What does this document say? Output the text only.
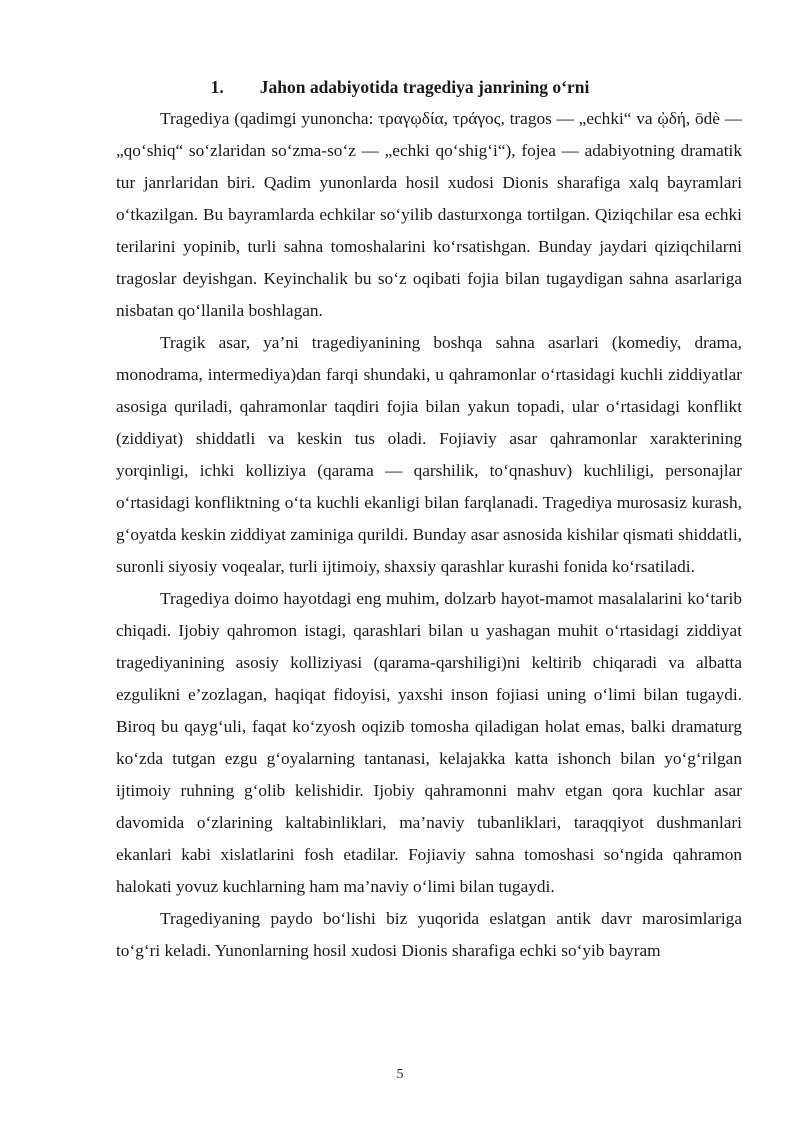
1. Jahon adabiyotida tragediya janrining o‘rni

Tragediya (qadimgi yunoncha: τραγῳδία, τράγος, tragos — „echki“ va ᾠδή, ōdè — „qo‘shiq“ so‘zlaridan so‘zma-so‘z — „echki qo‘shig‘i“), fojea — adabiyotning dramatik tur janrlaridan biri. Qadim yunonlarda hosil xudosi Dionis sharafiga xalq bayramlari o‘tkazilgan. Bu bayramlarda echkilar so‘yilib dasturxonga tortilgan. Qiziqchilar esa echki terilarini yopinib, turli sahna tomoshalarini ko‘rsatishgan. Bunday jaydari qiziqchilarni tragoslar deyishgan. Keyinchalik bu so‘z oqibati fojia bilan tugaydigan sahna asarlariga nisbatan qo‘llanila boshlagan.

Tragik asar, ya’ni tragediyanining boshqa sahna asarlari (komediy, drama, monodrama, intermediya)dan farqi shundaki, u qahramonlar o‘rtasidagi kuchli ziddiyatlar asosiga quriladi, qahramonlar taqdiri fojia bilan yakun topadi, ular o‘rtasidagi konflikt (ziddiyat) shiddatli va keskin tus oladi. Fojiaviy asar qahramonlar xarakterining yorqinligi, ichki kolliziya (qarama — qarshilik, to‘qnashuv) kuchliligi, personajlar o‘rtasidagi konfliktning o‘ta kuchli ekanligi bilan farqlanadi. Tragediya murosasiz kurash, g‘oyatda keskin ziddiyat zaminiga qurildi. Bunday asar asnosida kishilar qismati shiddatli, suronli siyosiy voqealar, turli ijtimoiy, shaxsiy qarashlar kurashi fonida ko‘rsatiladi.

Tragediya doimo hayotdagi eng muhim, dolzarb hayot-mamot masalalarini ko‘tarib chiqadi. Ijobiy qahromon istagi, qarashlari bilan u yashagan muhit o‘rtasidagi ziddiyat tragediyanining asosiy kolliziyasi (qarama-qarshiligi)ni keltirib chiqaradi va albatta ezgulikni e’zozlagan, haqiqat fidoyisi, yaxshi inson fojiasi uning o‘limi bilan tugaydi. Biroq bu qayg‘uli, faqat ko‘zyosh oqizib tomosha qiladigan holat emas, balki dramaturg ko‘zda tutgan ezgu g‘oyalarning tantanasi, kelajakka katta ishonch bilan yo‘g‘rilgan ijtimoiy ruhning g‘olib kelishidir. Ijobiy qahramonni mahv etgan qora kuchlar asar davomida o‘zlarining kaltabinliklari, ma’naviy tubanliklari, taraqqiyot dushmanlari ekanlari kabi xislatlarini fosh etadilar. Fojiaviy sahna tomoshasi so‘ngida qahramon halokati yovuz kuchlarning ham ma’naviy o‘limi bilan tugaydi.

Tragediyaning paydo bo‘lishi biz yuqorida eslatgan antik davr marosimlariga to‘g‘ri keladi. Yunonlarning hosil xudosi Dionis sharafiga echki so‘yib bayram

5
